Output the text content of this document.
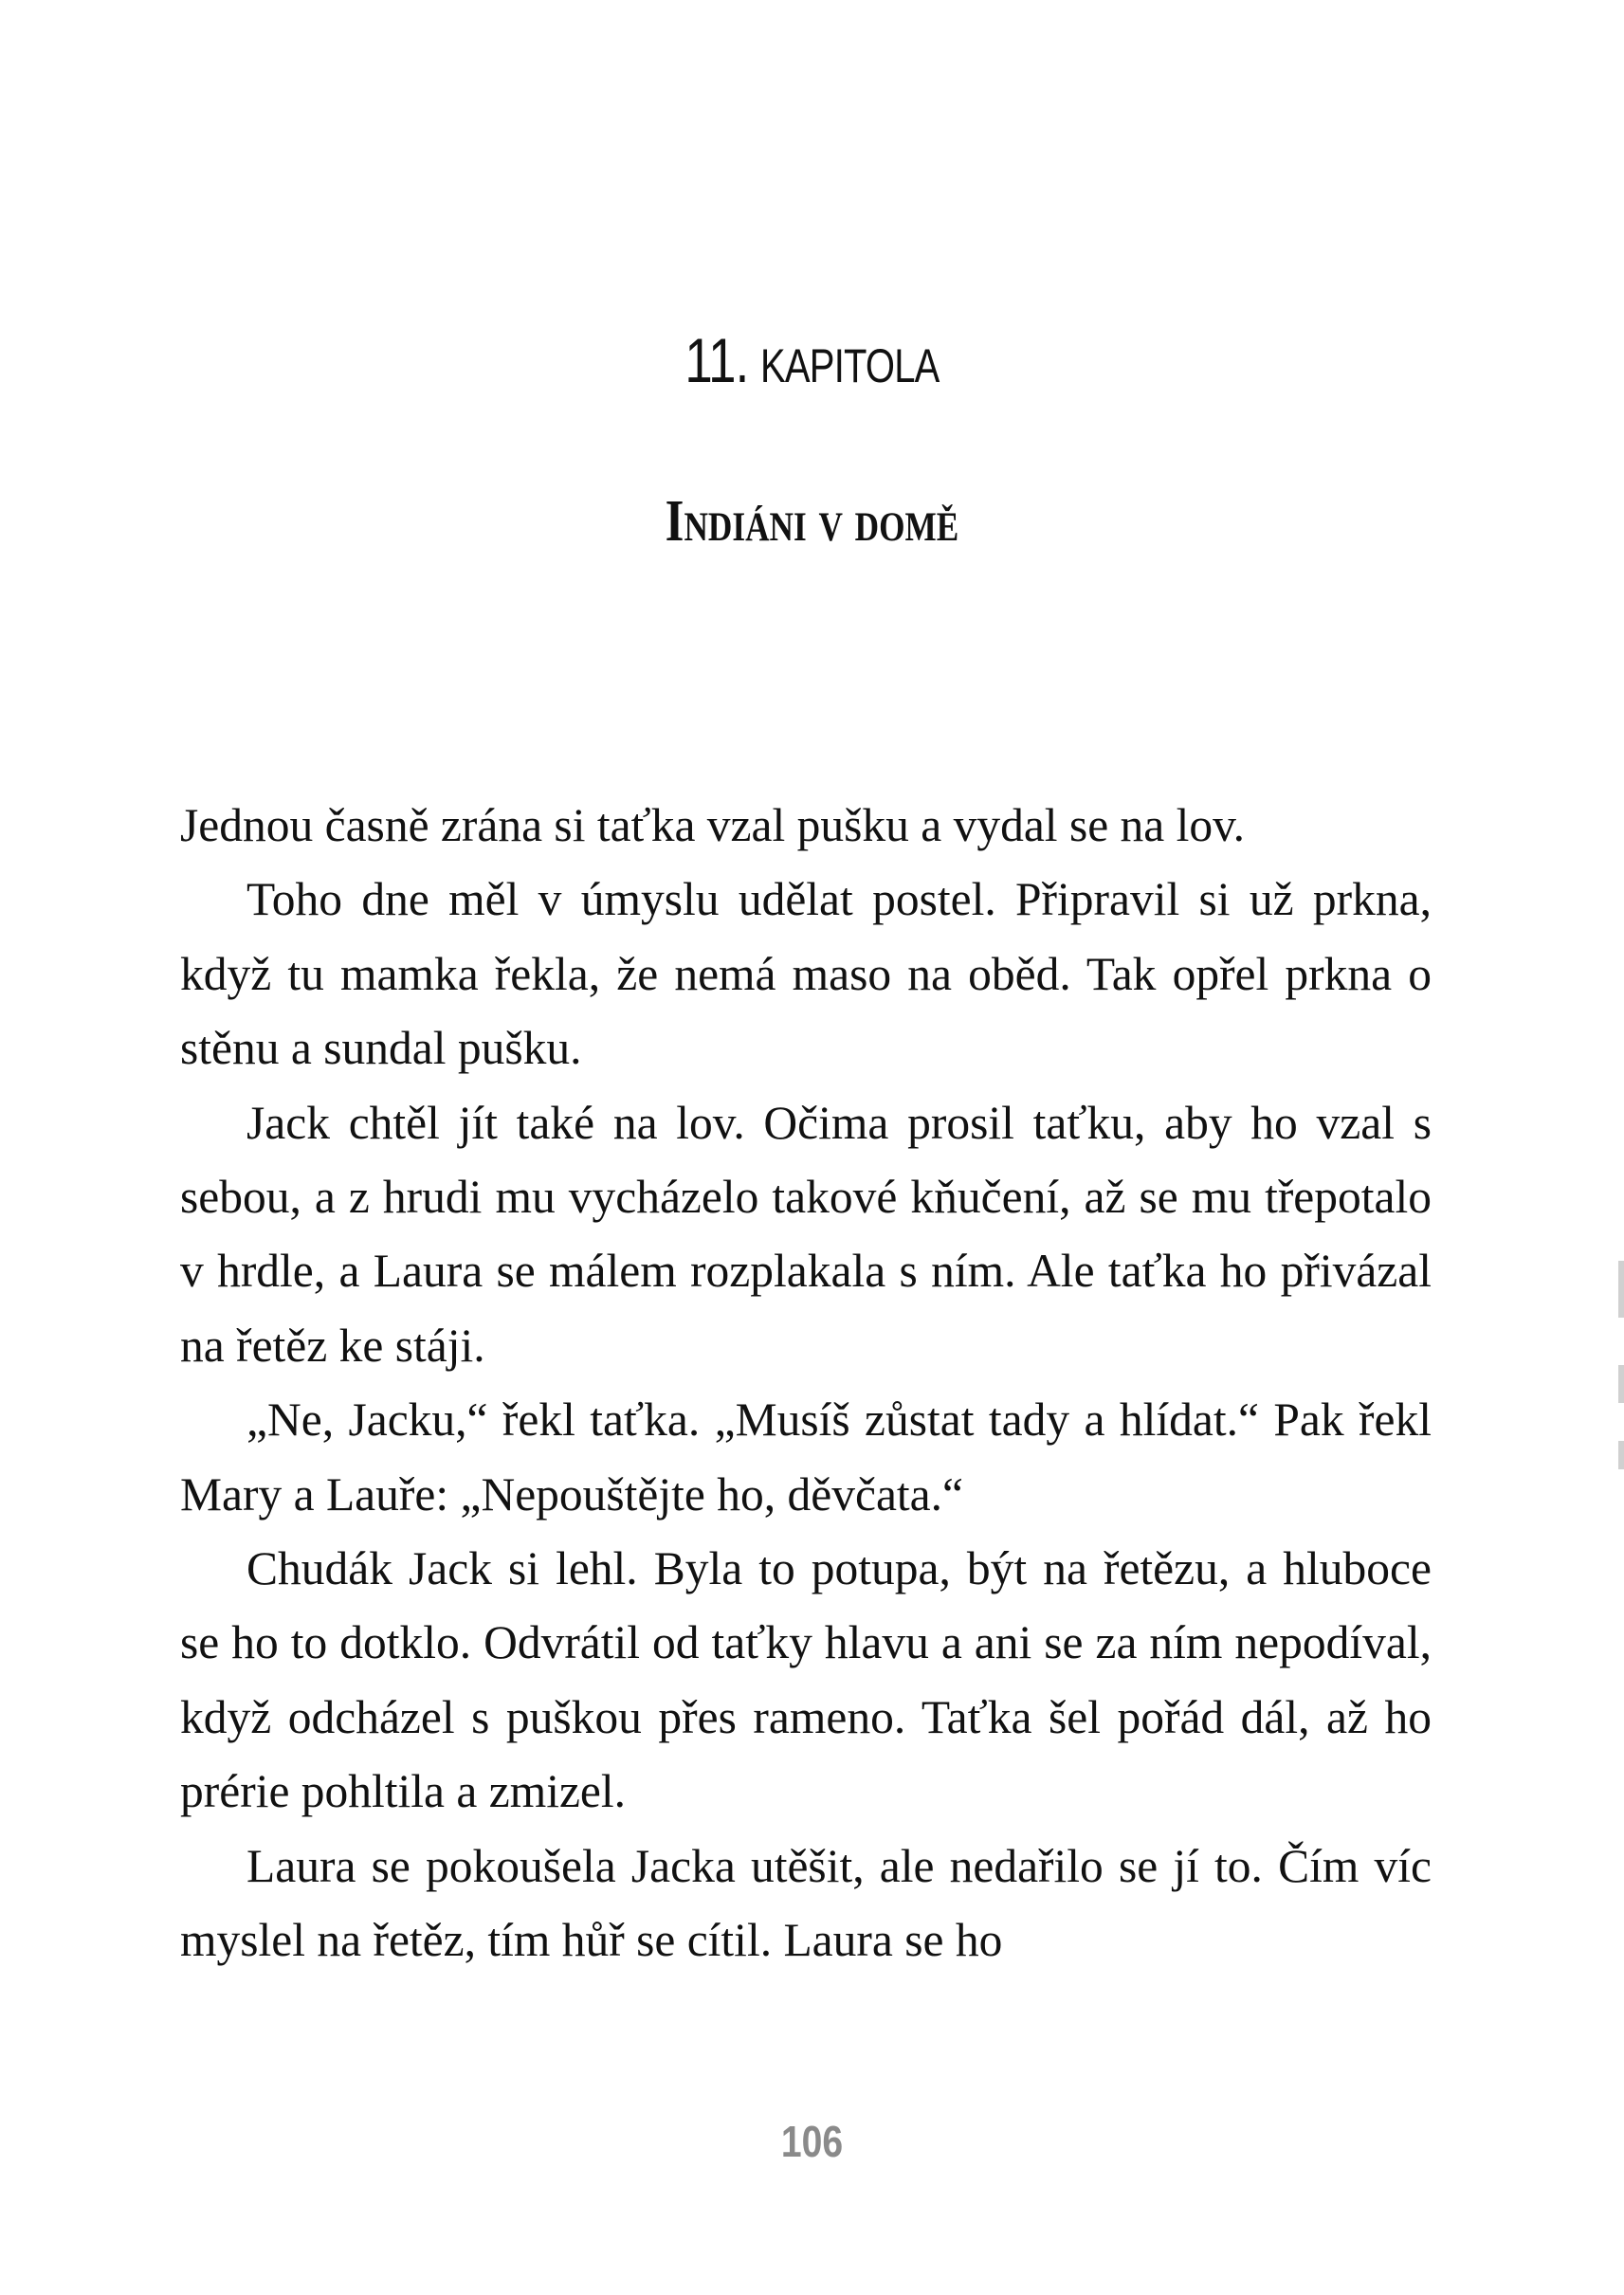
11. KAPITOLA
Indiáni v domě

Jednou časně zrána si taťka vzal pušku a vydal se na lov.

Toho dne měl v úmyslu udělat postel. Připravil si už prkna, když tu mamka řekla, že nemá maso na oběd. Tak opřel prkna o stěnu a sundal pušku.

Jack chtěl jít také na lov. Očima prosil taťku, aby ho vzal s sebou, a z hrudi mu vycházelo takové kňučení, až se mu třepotalo v hrdle, a Laura se málem rozplakala s ním. Ale taťka ho přivázal na řetěz ke stáji.

„Ne, Jacku,“ řekl taťka. „Musíš zůstat tady a hlídat.“ Pak řekl Mary a Lauře: „Nepouštějte ho, děvčata.“

Chudák Jack si lehl. Byla to potupa, být na řetězu, a hluboce se ho to dotklo. Odvrátil od taťky hlavu a ani se za ním nepodíval, když odcházel s puškou přes rameno. Taťka šel pořád dál, až ho prérie pohltila a zmizel.

Laura se pokoušela Jacka utěšit, ale nedařilo se jí to. Čím víc myslel na řetěz, tím hůř se cítil. Laura se ho

106
